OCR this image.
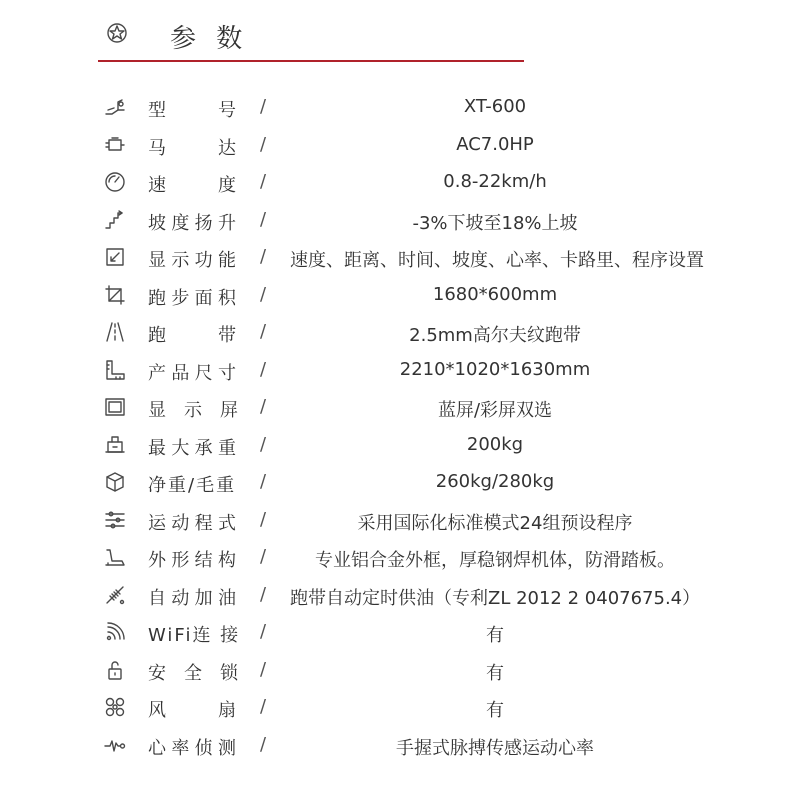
参 数
型　　号 /	XT-600
马　　达 /	AC7.0HP
速　　度 /	0.8-22km/h
坡度扬升 /	-3%下坡至18%上坡
显示功能 / 速度、距离、时间、坡度、心率、卡路里、程序设置
跑步面积 /	1680*600mm
跑　　带 /	2.5mm高尔夫纹跑带
产品尺寸 /	2210*1020*1630mm
显　示　屏 /	蓝屏/彩屏双选
最大承重 /	200kg
净重/毛重 /	260kg/280kg
运动程式 /	采用国际化标准模式24组预设程序
外形结构 /	专业铝合金外框，厚稳钢焊机体，防滑踏板。
自动加油 / 跑带自动定时供油（专利ZL 2012 2 0407675.4）
WiFi连 接 /	有
安　全　锁 /	有
风　　扇 /	有
心率侦测 /	手握式脉搏传感运动心率
